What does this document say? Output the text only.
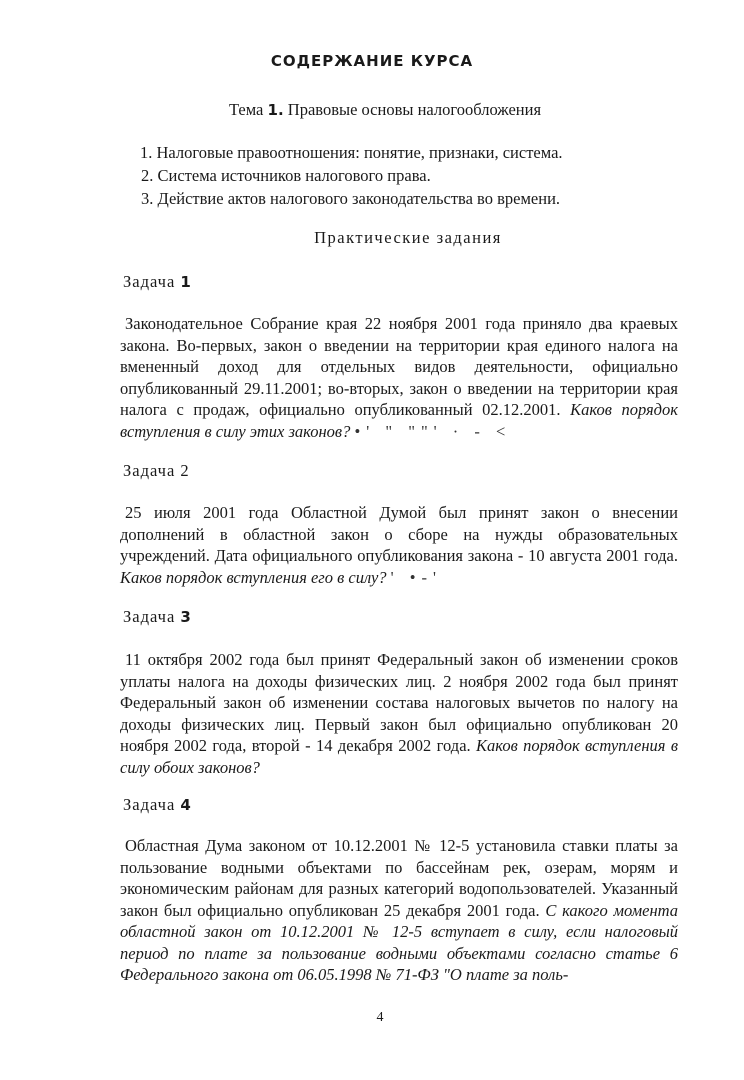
СОДЕРЖАНИЕ КУРСА
Тема 1. Правовые основы налогообложения
1. Налоговые правоотношения: понятие, признаки, система.
2. Система источников налогового права.
3. Действие актов налогового законодательства во времени.
Практические задания
Задача 1

Законодательное Собрание края 22 ноября 2001 года приняло два краевых закона. Во-первых, закон о введении на территории края единого налога на вмененный доход для отдельных видов деятельности, официально опубликованный 29.11.2001; во-вторых, закон о введении на территории края налога с продаж, официально опубликованный 02.12.2001. Каков порядок вступления в силу этих законов? •' " ""' · - <

Задача 2

25 июля 2001 года Областной Думой был принят закон о внесении дополнений в областной закон о сборе на нужды образовательных учреждений. Дата официального опубликования закона - 10 августа 2001 года. Каков порядок вступления его в силу? ' •-'

Задача 3

11 октября 2002 года был принят Федеральный закон об изменении сроков уплаты налога на доходы физических лиц. 2 ноября 2002 года был принят Федеральный закон об изменении состава налоговых вычетов по налогу на доходы физических лиц. Первый закон был официально опубликован 20 ноября 2002 года, второй - 14 декабря 2002 года. Каков порядок вступления в силу обоих законов?

Задача 4

Областная Дума законом от 10.12.2001 № 12-5 установила ставки платы за пользование водными объектами по бассейнам рек, озерам, морям и экономическим районам для разных категорий водопользователей. Указанный закон был официально опубликован 25 декабря 2001 года. С какого момента областной закон от 10.12.2001 № 12-5 вступает в силу, если налоговый период по плате за пользование водными объектами согласно статье 6 Федерального закона от 06.05.1998 № 71-ФЗ "О плате за поль-

4
